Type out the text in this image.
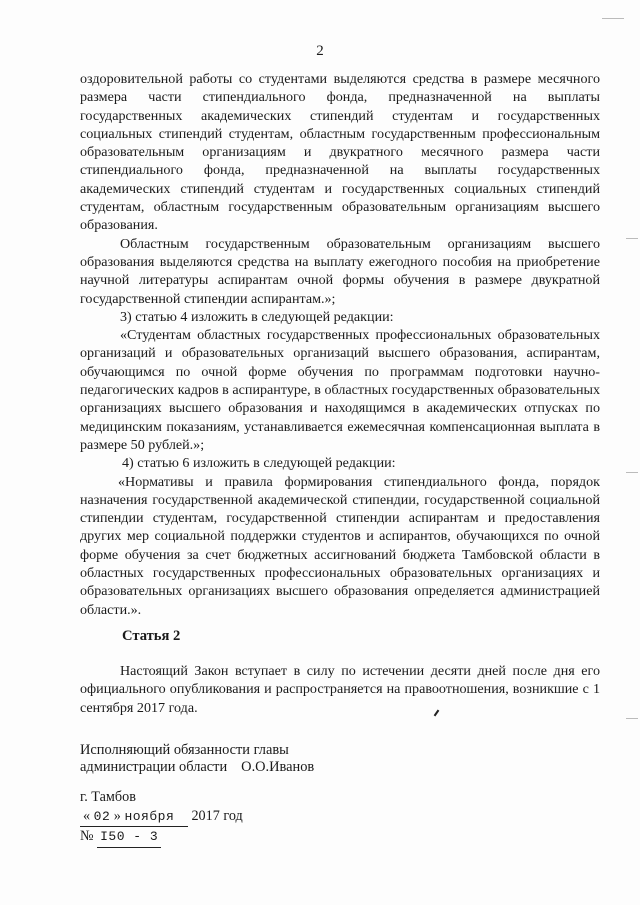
2

оздоровительной работы со студентами выделяются средства в размере месячного размера части стипендиального фонда, предназначенной на выплаты государственных академических стипендий студентам и государственных социальных стипендий студентам, областным государственным профессиональным образовательным организациям и двукратного месячного размера части стипендиального фонда, предназначенной на выплаты государственных академических стипендий студентам и государственных социальных стипендий студентам, областным государственным образовательным организациям высшего образования.

Областным государственным образовательным организациям высшего образования выделяются средства на выплату ежегодного пособия на приобретение научной литературы аспирантам очной формы обучения в размере двукратной государственной стипендии аспирантам.»;

3) статью 4 изложить в следующей редакции:

«Студентам областных государственных профессиональных образовательных организаций и образовательных организаций высшего образования, аспирантам, обучающимся по очной форме обучения по программам подготовки научно-педагогических кадров в аспирантуре, в областных государственных образовательных организациях высшего образования и находящимся в академических отпусках по медицинским показаниям, устанавливается ежемесячная компенсационная выплата в размере 50 рублей.»;

4) статью 6 изложить в следующей редакции:

«Нормативы и правила формирования стипендиального фонда, порядок назначения государственной академической стипендии, государственной социальной стипендии студентам, государственной стипендии аспирантам и предоставления других мер социальной поддержки студентов и аспирантов, обучающихся по очной форме обучения за счет бюджетных ассигнований бюджета Тамбовской области в областных государственных профессиональных образовательных организациях и образовательных организациях высшего образования определяется администрацией области.».

Статья 2

Настоящий Закон вступает в силу по истечении десяти дней после дня его официального опубликования и распространяется на правоотношения, возникшие с 1 сентября 2017 года.

Исполняющий обязанности главы
администрации области О.О.Иванов
г. Тамбов
« 02 » ноября 2017 год
№ I50 - 3
